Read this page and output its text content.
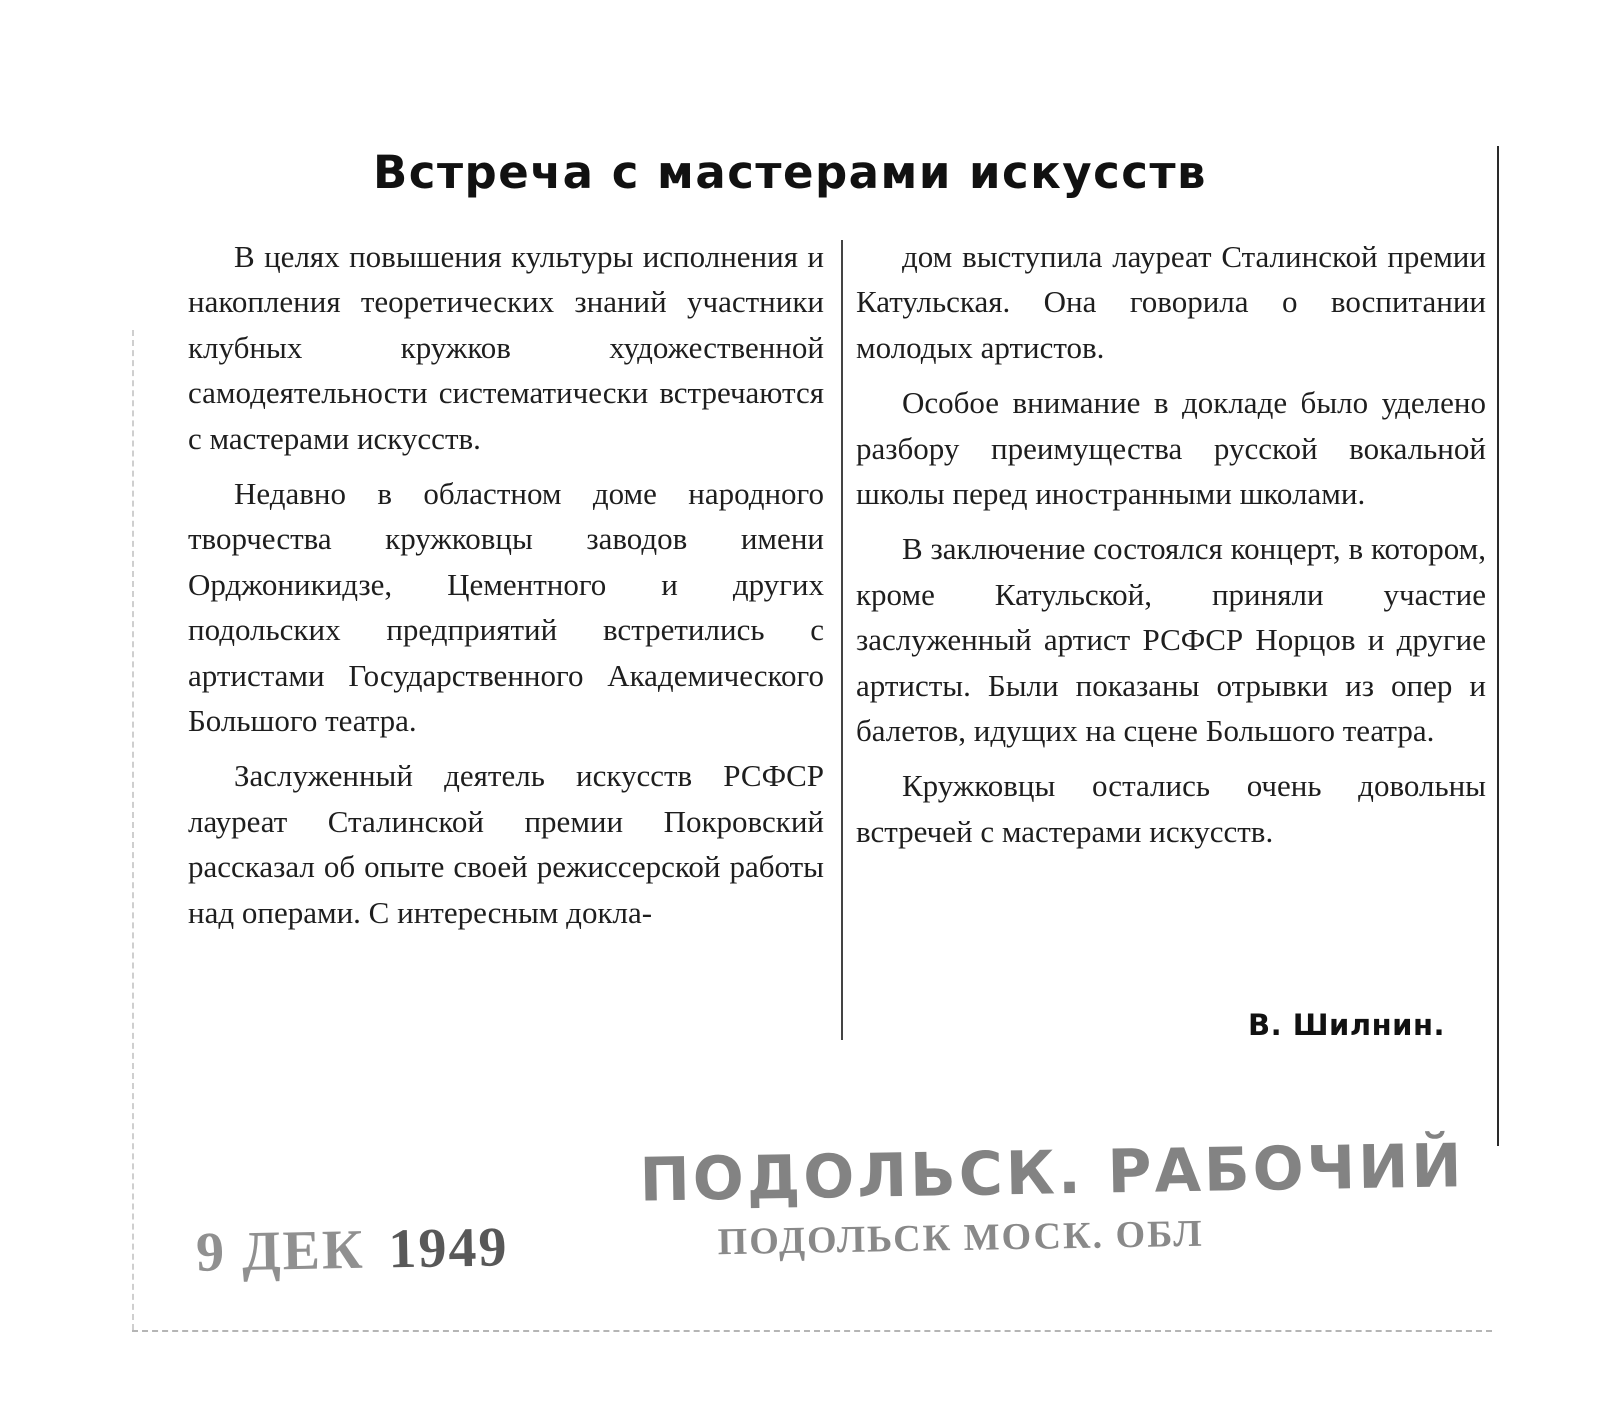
Встреча с мастерами искусств

В целях повышения культуры исполнения и накопления теоретических знаний участники клубных кружков художественной самодеятельности систематически встречаются с мастерами искусств.

Недавно в областном доме народного творчества кружковцы заводов имени Орджоникидзе, Цементного и других подольских предприятий встретились с артистами Государственного Академического Большого театра.

Заслуженный деятель искусств РСФСР лауреат Сталинской премии Покровский рассказал об опыте своей режиссерской работы над операми. С интересным докла-

дом выступила лауреат Сталинской премии Катульская. Она говорила о воспитании молодых артистов.

Особое внимание в докладе было уделено разбору преимущества русской вокальной школы перед иностранными школами.

В заключение состоялся концерт, в котором, кроме Катульской, приняли участие заслуженный артист РСФСР Норцов и другие артисты. Были показаны отрывки из опер и балетов, идущих на сцене Большого театра.

Кружковцы остались очень довольны встречей с мастерами искусств.

В. Шилнин.
9 ДЕК 1949
ПОДОЛЬСК. РАБОЧИЙ
ПОДОЛЬСК МОСК. ОБЛ
